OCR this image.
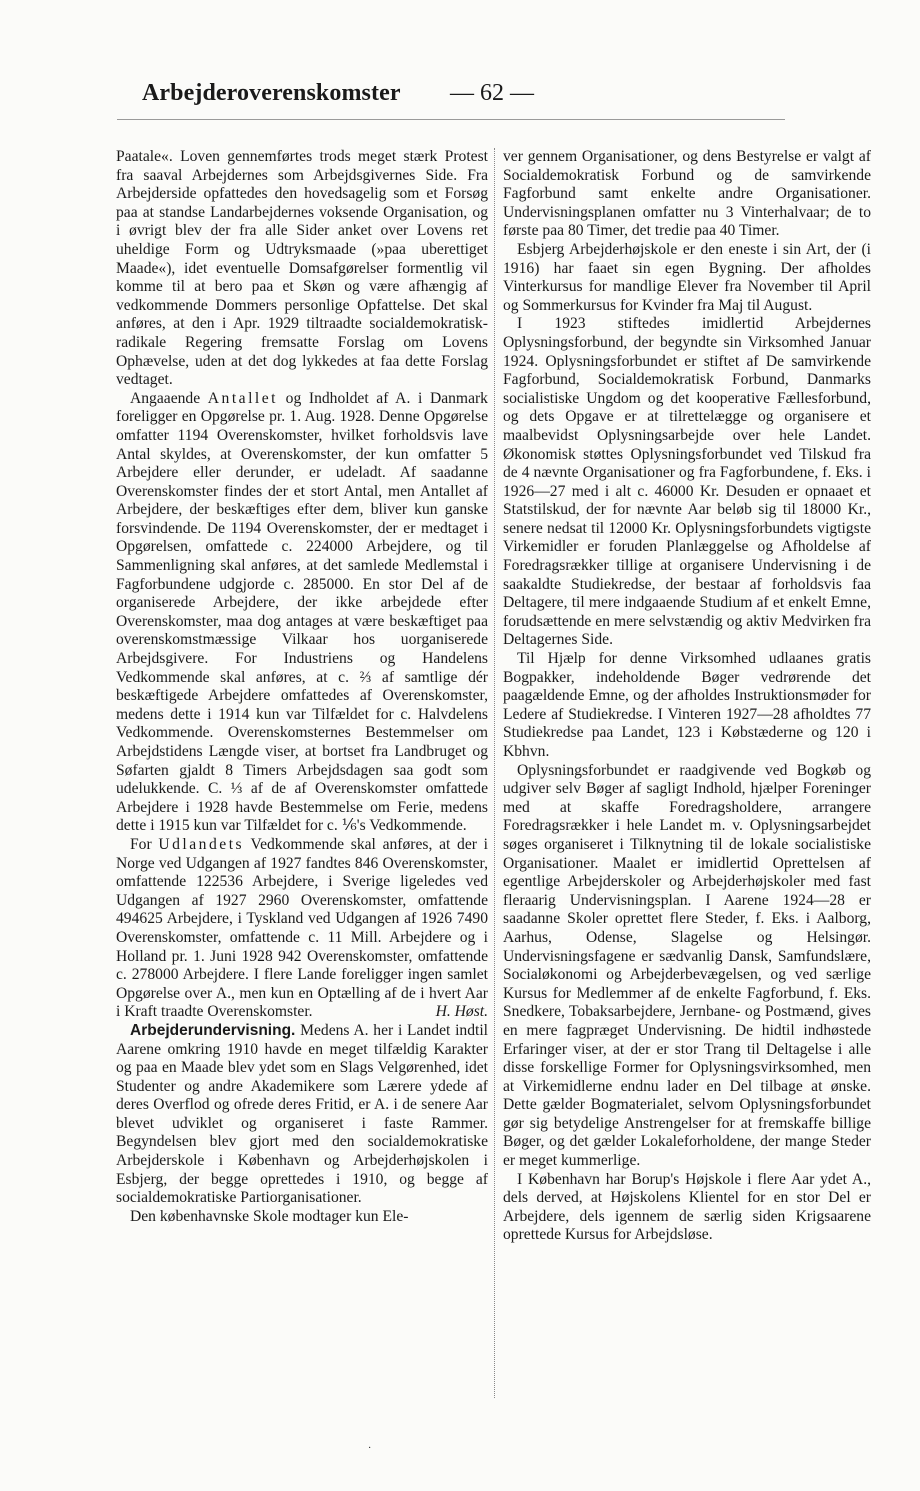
Arbejderoverenskomster — 62 —

Paatale«. Loven gennemførtes trods meget stærk Protest fra saaval Arbejdernes som Arbejdsgivernes Side. Fra Arbejderside opfattedes den hovedsagelig som et Forsøg paa at standse Landarbejdernes voksende Organisation, og i øvrigt blev der fra alle Sider anket over Lovens ret uheldige Form og Udtryksmaade (»paa uberettiget Maade«), idet eventuelle Domsafgørelser formentlig vil komme til at bero paa et Skøn og være afhængig af vedkommende Dommers personlige Opfattelse. Det skal anføres, at den i Apr. 1929 tiltraadte socialdemokratisk-radikale Regering fremsatte Forslag om Lovens Ophævelse, uden at det dog lykkedes at faa dette Forslag vedtaget.

Angaaende Antallet og Indholdet af A. i Danmark foreligger en Opgørelse pr. 1. Aug. 1928. Denne Opgørelse omfatter 1194 Overenskomster, hvilket forholdsvis lave Antal skyldes, at Overenskomster, der kun omfatter 5 Arbejdere eller derunder, er udeladt. Af saadanne Overenskomster findes der et stort Antal, men Antallet af Arbejdere, der beskæftiges efter dem, bliver kun ganske forsvindende. De 1194 Overenskomster, der er medtaget i Opgørelsen, omfattede c. 224000 Arbejdere, og til Sammenligning skal anføres, at det samlede Medlemstal i Fagforbundene udgjorde c. 285000. En stor Del af de organiserede Arbejdere, der ikke arbejdede efter Overenskomster, maa dog antages at være beskæftiget paa overenskomstmæssige Vilkaar hos uorganiserede Arbejdsgivere. For Industriens og Handelens Vedkommende skal anføres, at c. ⅔ af samtlige dér beskæftigede Arbejdere omfattedes af Overenskomster, medens dette i 1914 kun var Tilfældet for c. Halvdelens Vedkommende. Overenskomsternes Bestemmelser om Arbejdstidens Længde viser, at bortset fra Landbruget og Søfarten gjaldt 8 Timers Arbejdsdagen saa godt som udelukkende. C. ⅓ af de af Overenskomster omfattede Arbejdere i 1928 havde Bestemmelse om Ferie, medens dette i 1915 kun var Tilfældet for c. ⅙'s Vedkommende.

For Udlandets Vedkommende skal anføres, at der i Norge ved Udgangen af 1927 fandtes 846 Overenskomster, omfattende 122536 Arbejdere, i Sverige ligeledes ved Udgangen af 1927 2960 Overenskomster, omfattende 494625 Arbejdere, i Tyskland ved Udgangen af 1926 7490 Overenskomster, omfattende c. 11 Mill. Arbejdere og i Holland pr. 1. Juni 1928 942 Overenskomster, omfattende c. 278000 Arbejdere. I flere Lande foreligger ingen samlet Opgørelse over A., men kun en Optælling af de i hvert Aar i Kraft traadte Overenskomster.	H. Høst.

Arbejderundervisning. Medens A. her i Landet indtil Aarene omkring 1910 havde en meget tilfældig Karakter og paa en Maade blev ydet som en Slags Velgørenhed, idet Studenter og andre Akademikere som Lærere ydede af deres Overflod og ofrede deres Fritid, er A. i de senere Aar blevet udviklet og organiseret i faste Rammer. Begyndelsen blev gjort med den socialdemokratiske Arbejderskole i København og Arbejderhøjskolen i Esbjerg, der begge oprettedes i 1910, og begge af socialdemokratiske Partiorganisationer.

Den københavnske Skole modtager kun Ele-

ver gennem Organisationer, og dens Bestyrelse er valgt af Socialdemokratisk Forbund og de samvirkende Fagforbund samt enkelte andre Organisationer. Undervisningsplanen omfatter nu 3 Vinterhalvaar; de to første paa 80 Timer, det tredie paa 40 Timer.

Esbjerg Arbejderhøjskole er den eneste i sin Art, der (i 1916) har faaet sin egen Bygning. Der afholdes Vinterkursus for mandlige Elever fra November til April og Sommerkursus for Kvinder fra Maj til August.

I 1923 stiftedes imidlertid Arbejdernes Oplysningsforbund, der begyndte sin Virksomhed Januar 1924. Oplysningsforbundet er stiftet af De samvirkende Fagforbund, Socialdemokratisk Forbund, Danmarks socialistiske Ungdom og det kooperative Fællesforbund, og dets Opgave er at tilrettelægge og organisere et maalbevidst Oplysningsarbejde over hele Landet. Økonomisk støttes Oplysningsforbundet ved Tilskud fra de 4 nævnte Organisationer og fra Fagforbundene, f. Eks. i 1926—27 med i alt c. 46000 Kr. Desuden er opnaaet et Statstilskud, der for nævnte Aar beløb sig til 18000 Kr., senere nedsat til 12000 Kr. Oplysningsforbundets vigtigste Virkemidler er foruden Planlæggelse og Afholdelse af Foredragsrækker tillige at organisere Undervisning i de saakaldte Studiekredse, der bestaar af forholdsvis faa Deltagere, til mere indgaaende Studium af et enkelt Emne, forudsættende en mere selvstændig og aktiv Medvirken fra Deltagernes Side.

Til Hjælp for denne Virksomhed udlaanes gratis Bogpakker, indeholdende Bøger vedrørende det paagældende Emne, og der afholdes Instruktionsmøder for Ledere af Studiekredse. I Vinteren 1927—28 afholdtes 77 Studiekredse paa Landet, 123 i Købstæderne og 120 i Kbhvn.

Oplysningsforbundet er raadgivende ved Bogkøb og udgiver selv Bøger af sagligt Indhold, hjælper Foreninger med at skaffe Foredragsholdere, arrangere Foredragsrækker i hele Landet m. v. Oplysningsarbejdet søges organiseret i Tilknytning til de lokale socialistiske Organisationer. Maalet er imidlertid Oprettelsen af egentlige Arbejderskoler og Arbejderhøjskoler med fast fleraarig Undervisningsplan. I Aarene 1924—28 er saadanne Skoler oprettet flere Steder, f. Eks. i Aalborg, Aarhus, Odense, Slagelse og Helsingør. Undervisningsfagene er sædvanlig Dansk, Samfundslære, Socialøkonomi og Arbejderbevægelsen, og ved særlige Kursus for Medlemmer af de enkelte Fagforbund, f. Eks. Snedkere, Tobaksarbejdere, Jernbane- og Postmænd, gives en mere fagpræget Undervisning. De hidtil indhøstede Erfaringer viser, at der er stor Trang til Deltagelse i alle disse forskellige Former for Oplysningsvirksomhed, men at Virkemidlerne endnu lader en Del tilbage at ønske. Dette gælder Bogmaterialet, selvom Oplysningsforbundet gør sig betydelige Anstrengelser for at fremskaffe billige Bøger, og det gælder Lokaleforholdene, der mange Steder er meget kummerlige.

I København har Borup's Højskole i flere Aar ydet A., dels derved, at Højskolens Klientel for en stor Del er Arbejdere, dels igennem de særlig siden Krigsaarene oprettede Kursus for Arbejdsløse.

·
